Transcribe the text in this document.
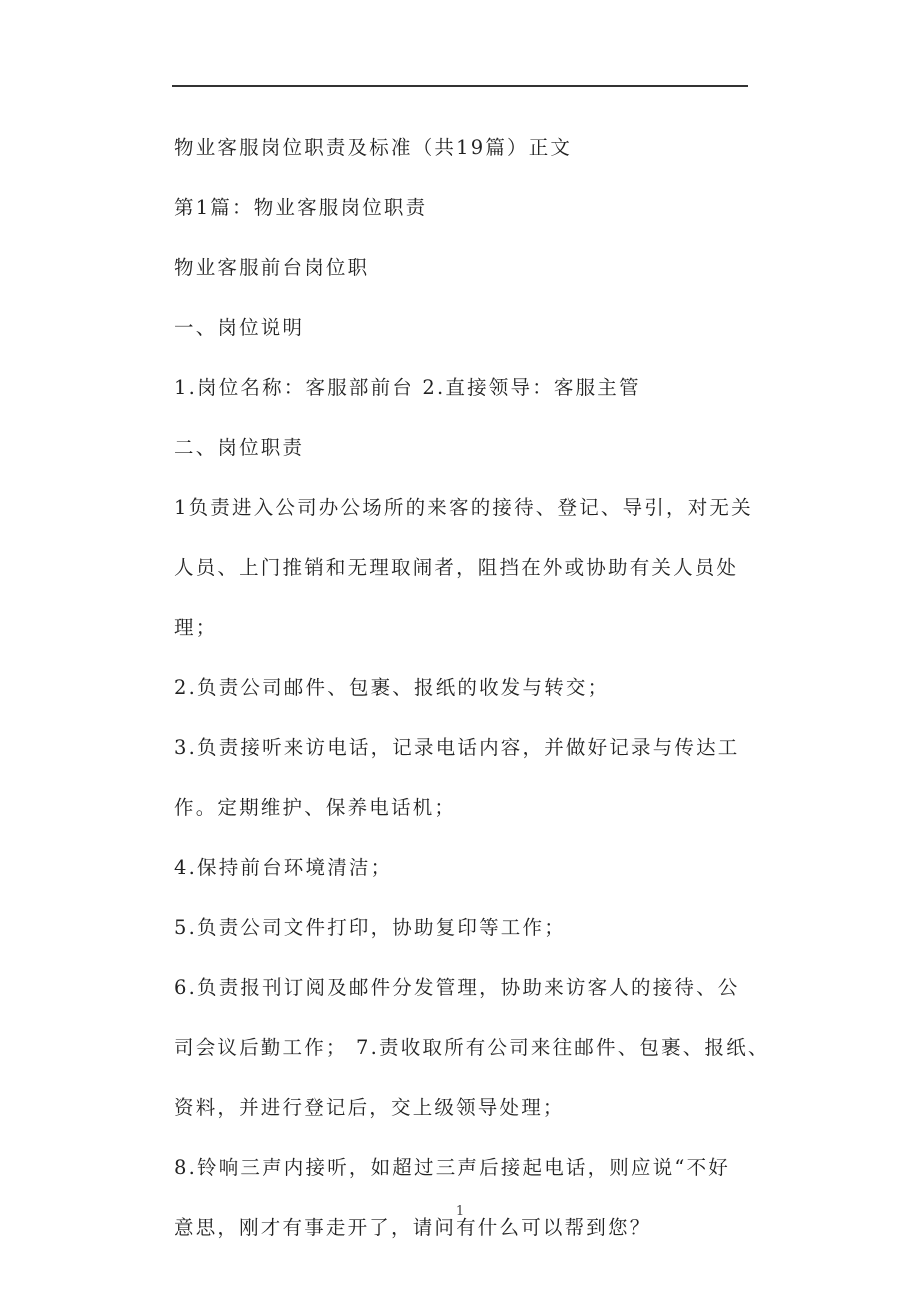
物业客服岗位职责及标准（共19篇）正文
第1篇：物业客服岗位职责
物业客服前台岗位职
一、岗位说明
1.岗位名称：客服部前台 2.直接领导：客服主管
二、岗位职责
1负责进入公司办公场所的来客的接待、登记、导引，对无关
人员、上门推销和无理取闹者，阻挡在外或协助有关人员处
理；
2.负责公司邮件、包裹、报纸的收发与转交；
3.负责接听来访电话，记录电话内容，并做好记录与传达工
作。定期维护、保养电话机；
4.保持前台环境清洁；
5.负责公司文件打印，协助复印等工作；
6.负责报刊订阅及邮件分发管理，协助来访客人的接待、公
司会议后勤工作； 7.责收取所有公司来往邮件、包裹、报纸、
资料，并进行登记后，交上级领导处理；
8.铃响三声内接听，如超过三声后接起电话，则应说“不好
意思，刚才有事走开了，请问有什么可以帮到您？
1
